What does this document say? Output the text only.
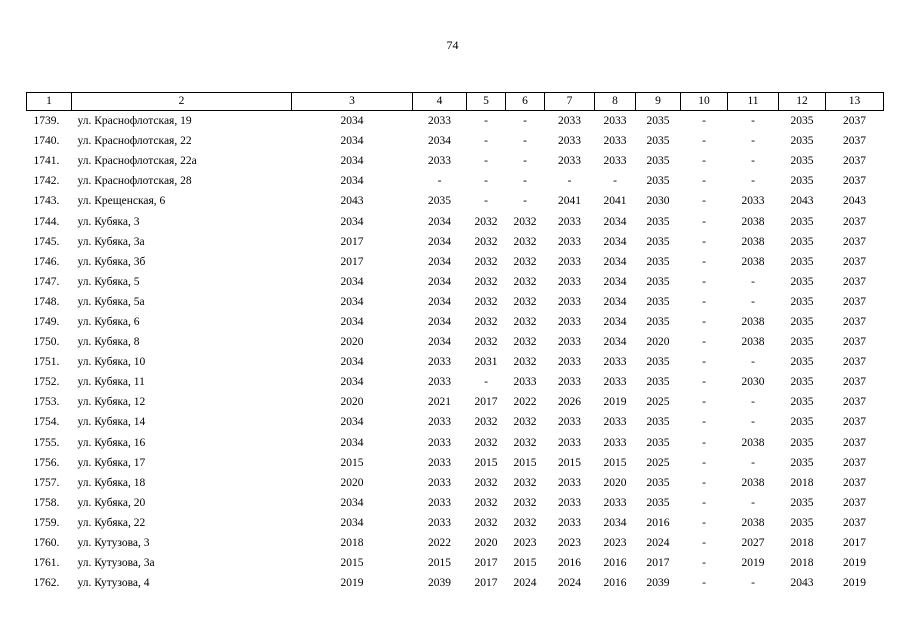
74
1	2	3	4	5	6	7	8	9	10	11	12	13
1739.	ул. Краснофлотская, 19	2034	2033	-	-	2033	2033	2035	-	-	2035	2037
1740.	ул. Краснофлотская, 22	2034	2034	-	-	2033	2033	2035	-	-	2035	2037
1741.	ул. Краснофлотская, 22а	2034	2033	-	-	2033	2033	2035	-	-	2035	2037
1742.	ул. Краснофлотская, 28	2034	-	-	-	-	-	2035	-	-	2035	2037
1743.	ул. Крещенская, 6	2043	2035	-	-	2041	2041	2030	-	2033	2043	2043
1744.	ул. Кубяка, 3	2034	2034	2032	2032	2033	2034	2035	-	2038	2035	2037
1745.	ул. Кубяка, 3а	2017	2034	2032	2032	2033	2034	2035	-	2038	2035	2037
1746.	ул. Кубяка, 3б	2017	2034	2032	2032	2033	2034	2035	-	2038	2035	2037
1747.	ул. Кубяка, 5	2034	2034	2032	2032	2033	2034	2035	-	-	2035	2037
1748.	ул. Кубяка, 5а	2034	2034	2032	2032	2033	2034	2035	-	-	2035	2037
1749.	ул. Кубяка, 6	2034	2034	2032	2032	2033	2034	2035	-	2038	2035	2037
1750.	ул. Кубяка, 8	2020	2034	2032	2032	2033	2034	2020	-	2038	2035	2037
1751.	ул. Кубяка, 10	2034	2033	2031	2032	2033	2033	2035	-	-	2035	2037
1752.	ул. Кубяка, 11	2034	2033	-	2033	2033	2033	2035	-	2030	2035	2037
1753.	ул. Кубяка, 12	2020	2021	2017	2022	2026	2019	2025	-	-	2035	2037
1754.	ул. Кубяка, 14	2034	2033	2032	2032	2033	2033	2035	-	-	2035	2037
1755.	ул. Кубяка, 16	2034	2033	2032	2032	2033	2033	2035	-	2038	2035	2037
1756.	ул. Кубяка, 17	2015	2033	2015	2015	2015	2015	2025	-	-	2035	2037
1757.	ул. Кубяка, 18	2020	2033	2032	2032	2033	2020	2035	-	2038	2018	2037
1758.	ул. Кубяка, 20	2034	2033	2032	2032	2033	2033	2035	-	-	2035	2037
1759.	ул. Кубяка, 22	2034	2033	2032	2032	2033	2034	2016	-	2038	2035	2037
1760.	ул. Кутузова, 3	2018	2022	2020	2023	2023	2023	2024	-	2027	2018	2017
1761.	ул. Кутузова, 3а	2015	2015	2017	2015	2016	2016	2017	-	2019	2018	2019
1762.	ул. Кутузова, 4	2019	2039	2017	2024	2024	2016	2039	-	-	2043	2019
